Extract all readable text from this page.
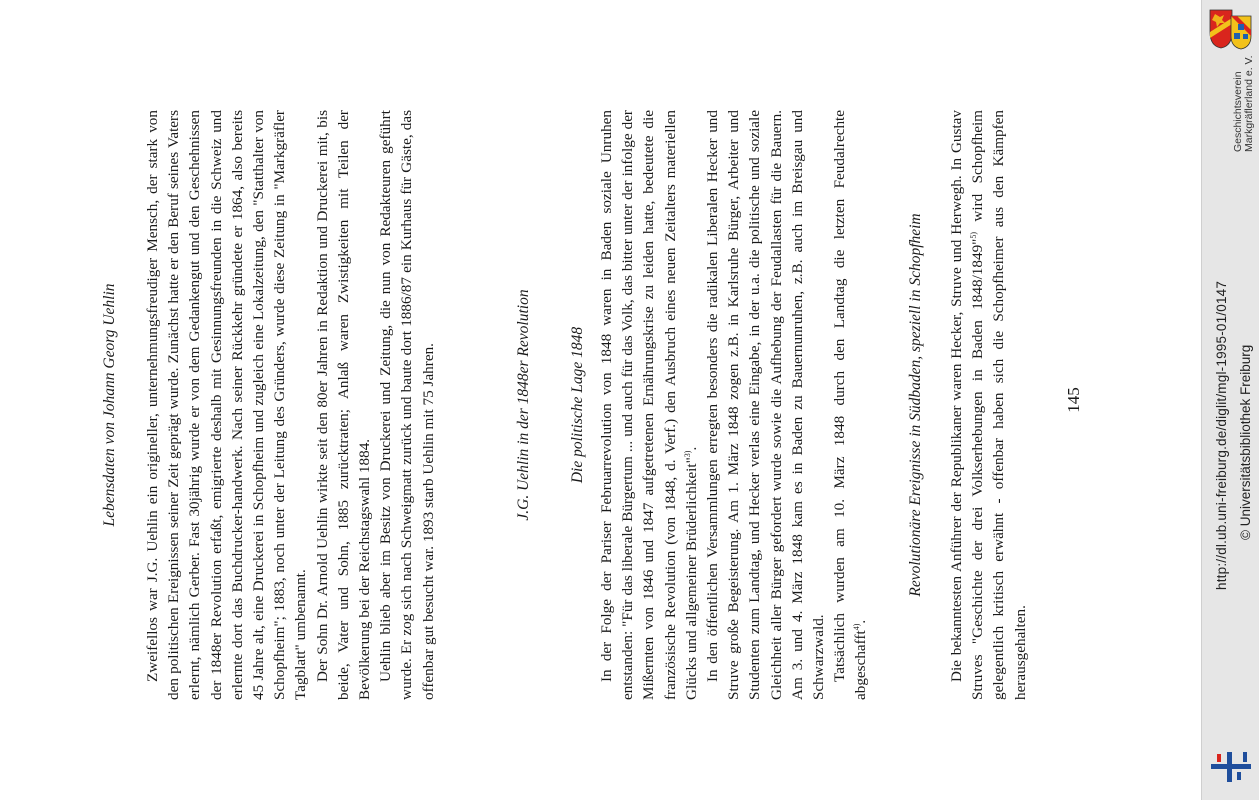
Lebensdaten von Johann Georg Uehlin Zweifellos war J.G. Uehlin ein origineller, unternehmungsfreudiger Mensch, der stark von den politischen Ereignissen seiner Zeit geprägt wurde. Zunächst hatte er den Beruf seines Vaters erlernt, nämlich Gerber. Fast 30jährig wurde er von dem Gedankengut und den Geschehnissen der 1848er Revolution erfaßt, emigrierte deshalb mit Gesinnungsfreunden in die Schweiz und erlernte dort das Buchdrucker-handwerk. Nach seiner Rückkehr gründete er 1864, also bereits 45 Jahre alt, eine Druckerei in Schopfheim und zugleich eine Lokalzeitung, den "Statthalter von Schopfheim"; 1883, noch unter der Leitung des Gründers, wurde diese Zeitung in "Markgräfler Tagblatt" umbenannt. Der Sohn Dr. Arnold Uehlin wirkte seit den 80er Jahren in Redaktion und Druckerei mit, bis beide, Vater und Sohn, 1885 zurücktraten; Anlaß waren Zwistigkeiten mit Teilen der Bevölkerung bei der Reichstagswahl 1884. Uehlin blieb aber im Besitz von Druckerei und Zeitung, die nun von Redakteuren geführt wurde. Er zog sich nach Schweigmatt zurück und baute dort 1886/87 ein Kurhaus für Gäste, das offenbar gut besucht war. 1893 starb Uehlin mit 75 Jahren.	J.G. Uehlin in der 1848er Revolution Die politische Lage 1848 In der Folge der Pariser Februarrevolution von 1848 waren in Baden soziale Unruhen entstanden: "Für das liberale Bürgertum ... und auch für das Volk, das bitter unter der infolge der Mißernten von 1846 und 1847 aufgetretenen Ernährungskrise zu leiden hatte, bedeutete die französische Revolution (von 1848, d. Verf.) den Ausbruch eines neuen Zeitalters materiellen Glücks und allgemeiner Brüderlichkeit"$^{3)}$. In den öffentlichen Versammlungen erregten besonders die radikalen Liberalen Hecker und Struve große Begeisterung. Am 1. März 1848 zogen z.B. in Karlsruhe Bürger, Arbeiter und Studenten zum Landtag, und Hecker verlas eine Eingabe, in der u.a. die politische und soziale Gleichheit aller Bürger gefordert wurde sowie die Aufhebung der Feudallasten für die Bauern. Am 3. und 4. März 1848 kam es in Baden zu Bauernunruhen, z.B. auch im Breisgau und Schwarzwald. Tatsächlich wurden am 10. März 1848 durch den Landtag die letzten Feudalrechte abgeschafft$^{4)}$.

Revolutionäre Ereignisse in Südbaden, speziell in Schopfheim Die bekanntesten Anführer der Republikaner waren Hecker, Struve und Herwegh. In Gustav Struves "Geschichte der drei Volkserhebungen in Baden 1848/1849"$^{5)}$ wird Schopfheim gelegentlich kritisch erwähnt - offenbar haben sich die Schopfheimer aus den Kämpfen herausgehalten.

145
Geschichtsverein Markgräflerland e. V.
http://dl.ub.uni-freiburg.de/diglit/mgl-1995-01/0147 © Universitätsbibliothek Freiburg
